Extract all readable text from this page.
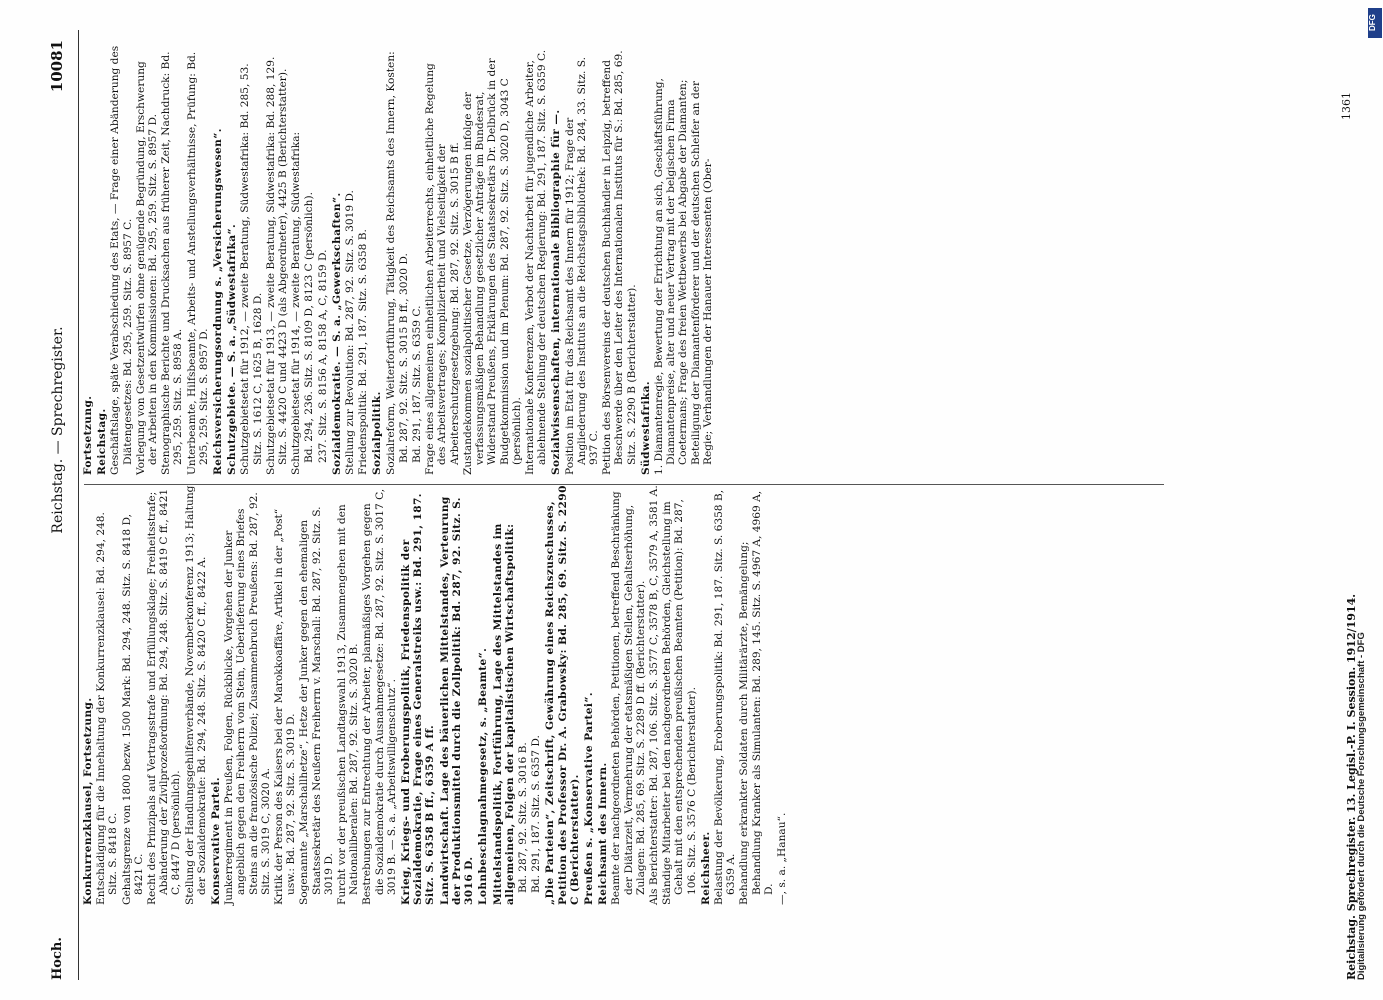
Hoch.
Reichstag. — Sprechregister.
10081
Konkurrenzklausel, Fortsetzung. Entschädigung für die Innehaltung der Konkurrenzklausel: Bd. 294, 248. Sitz. S. 8418 C. Gehaltsgrenze von 1800 bezw. 1500 Mark: Bd. 294, 248. Sitz. S. 8418 D, 8421 C. Recht des Prinzipals auf Vertragsstrafe und Erfüllungsklage; Freiheitsstrafe; Abänderung der Zivilprozeßordnung: Bd. 294, 248. Sitz. S. 8419 C ff., 8421 C, 8447 D (persönlich). Stellung der Handlungsgehilfenverbände, Novemberkonferenz 1913; Haltung der Sozialdemokratie: Bd. 294, 248. Sitz. S. 8420 C ff., 8422 A. Konservative Partei. Junkerregiment in Preußen, Folgen, Rückblicke, Vorgehen der Junker angeblich gegen den Freiherrn vom Stein, Ueberlieferung eines Briefes Steins an die französische Polizei; Zusammenbruch Preußens: Bd. 287, 92. Sitz. S. 3019 C, 3020 A. Kritik der Person des Kaisers bei der Marokkoaffäre, Artikel in der „Post“ usw.: Bd. 287, 92. Sitz. S. 3019 D. Sogenannte „Marschallhetze“, Hetze der Junker gegen den ehemaligen Staatssekretär des Neußern Freiherrn v. Marschall: Bd. 287, 92. Sitz. S. 3019 D. Furcht vor der preußischen Landtagswahl 1913, Zusammengehen mit den Nationalliberalen: Bd. 287, 92. Sitz. S. 3020 B. Bestrebungen zur Entrechtung der Arbeiter, planmäßiges Vorgehen gegen die Sozialdemokratie durch Ausnahmegesetze: Bd. 287, 92. Sitz. S. 3017 C, 3019 B. — S. a. „Arbeitswilligenschutz“. Krieg, Kriegs- und Eroberungspolitik, Friedenspolitik der Sozialdemokratie, Frage eines Generalstreiks usw.: Bd. 291, 187. Sitz. S. 6358 B ff., 6359 A ff. Landwirtschaft. Lage des bäuerlichen Mittelstandes, Verteurung der Produktionsmittel durch die Zollpolitik: Bd. 287, 92. Sitz. S. 3016 D. Lohnbeschlagnahmegesetz, s. „Beamte“. Mittelstandspolitik, Fortführung, Lage des Mittelstandes im allgemeinen, Folgen der kapitalistischen Wirtschaftspolitik: Bd. 287, 92. Sitz. S. 3016 B. Bd. 291, 187. Sitz. S. 6357 D. „Die Parteien“, Zeitschrift, Gewährung eines Reichszuschusses, Petition des Professor Dr. A. Grabowsky: Bd. 285, 69. Sitz. S. 2290 C (Berichterstatter). Preußen s. „Konservative Partei“. Reichsamt des Innern. Beamte der nachgeordneten Behörden, Petitionen, betreffend Beschränkung der Diätarzeit, Vermehrung der etatsmäßigen Stellen, Gehaltserhöhung, Zulagen: Bd. 285, 69. Sitz. S. 2289 D ff. (Berichterstatter). Als Berichterstatter: Bd. 287, 106. Sitz. S. 3577 C, 3578 B, C, 3579 A, 3581 A. Ständige Mitarbeiter bei den nachgeordneten Behörden, Gleichstellung im Gehalt mit den entsprechenden preußischen Beamten (Petition): Bd. 287, 106. Sitz. S. 3576 C (Berichterstatter). Reichsheer. Belastung der Bevölkerung, Eroberungspolitik: Bd. 291, 187. Sitz. S. 6358 B, 6359 A. Behandlung erkrankter Soldaten durch Militärärzte, Bemängelung; Behandlung Kranker als Simulanten: Bd. 289, 145. Sitz. S. 4967 A, 4969 A, D. —, s. a. „Hanau“.
Fortsetzung. Reichstag. Geschäftslage, späte Verabschiedung des Etats, — Frage einer Abänderung des Diätengesetzes: Bd. 295, 259. Sitz. S. 8957 C. Vorlegung von Gesetzentwürfen ohne genügende Begründung, Erschwerung der Arbeiten in den Kommissionen: Bd. 295, 259. Sitz. S. 8957 D. Stenographische Berichte und Drucksachen aus früherer Zeit, Nachdruck: Bd. 295, 259. Sitz. S. 8958 A. Unterbeamte, Hilfsbeamte, Arbeits- und Anstellungsverhältnisse, Prüfung: Bd. 295, 259. Sitz. S. 8957 D. Reichsversicherungsordnung s. „Versicherungswesen“. Schutzgebiete. — S. a. „Südwestafrika“. Schutzgebietsetat für 1912, — zweite Beratung, Südwestafrika: Bd. 285, 53. Sitz. S. 1612 C, 1625 B, 1628 D. Schutzgebietsetat für 1913, — zweite Beratung, Südwestafrika: Bd. 288, 129. Sitz. S. 4420 C und 4423 D (als Abgeordneter), 4425 B (Berichterstatter). Schutzgebietsetat für 1914, — zweite Beratung, Südwestafrika: Bd. 294, 236. Sitz. S. 8109 D, 8123 C (persönlich). 237. Sitz. S. 8156 A, 8158 A, C, 8159 D. Sozialdemokratie. — S. a. „Gewerkschaften“. Stellung zur Revolution: Bd. 287, 92. Sitz. S. 3019 D. Friedenspolitik: Bd. 291, 187. Sitz. S. 6358 B. Sozialpolitik. Sozialreform, Weiterfortführung, Tätigkeit des Reichsamts des Innern, Kosten: Bd. 287, 92. Sitz. S. 3015 B ff., 3020 D. Bd. 291, 187. Sitz. S. 6359 C. Frage eines allgemeinen einheitlichen Arbeiterrechts, einheitliche Regelung des Arbeitsvertrages; Kompliziertheit und Vielseitigkeit der Arbeiterschutzgesetzgebung: Bd. 287, 92. Sitz. S. 3015 B ff. Zustandekommen sozialpolitischer Gesetze, Verzögerungen infolge der verfassungsmäßigen Behandlung gesetzlicher Anträge im Bundesrat, Widerstand Preußens, Erklärungen des Staatssekretärs Dr. Delbrück in der Budgetkommission und im Plenum: Bd. 287, 92. Sitz. S. 3020 D, 3043 C (persönlich). Internationale Konferenzen, Verbot der Nachtarbeit für jugendliche Arbeiter, ablehnende Stellung der deutschen Regierung: Bd. 291, 187. Sitz. S. 6359 C. Sozialwissenschaften, internationale Bibliographie für —. Position im Etat für das Reichsamt des Innern für 1912; Frage der Angliederung des Instituts an die Reichstagsbibliothek: Bd. 284, 33. Sitz. S. 937 C. Petition des Börsenvereins der deutschen Buchhändler in Leipzig, betreffend Beschwerde über den Leiter des Internationalen Instituts für S.: Bd. 285, 69. Sitz. S. 2290 B (Berichterstatter). Südwestafrika. 1. Diamantenregie, Bewertung der Errichtung an sich, Geschäftsführung, Diamantenpreise, alter und neuer Vertrag mit der belgischen Firma Coetermans; Frage des freien Wettbewerbs bei Abgabe der Diamanten; Beteiligung der Diamantenförderer und der deutschen Schleifer an der Regie; Verhandlungen der Hanauer Interessenten (Ober-
Reichstag. Sprechregister. 13. Legisl.-P. I. Session. 1912/1914.
1361
Digitalisierung gefördert durch die Deutsche Forschungsgemeinschaft - DFG
DFG
